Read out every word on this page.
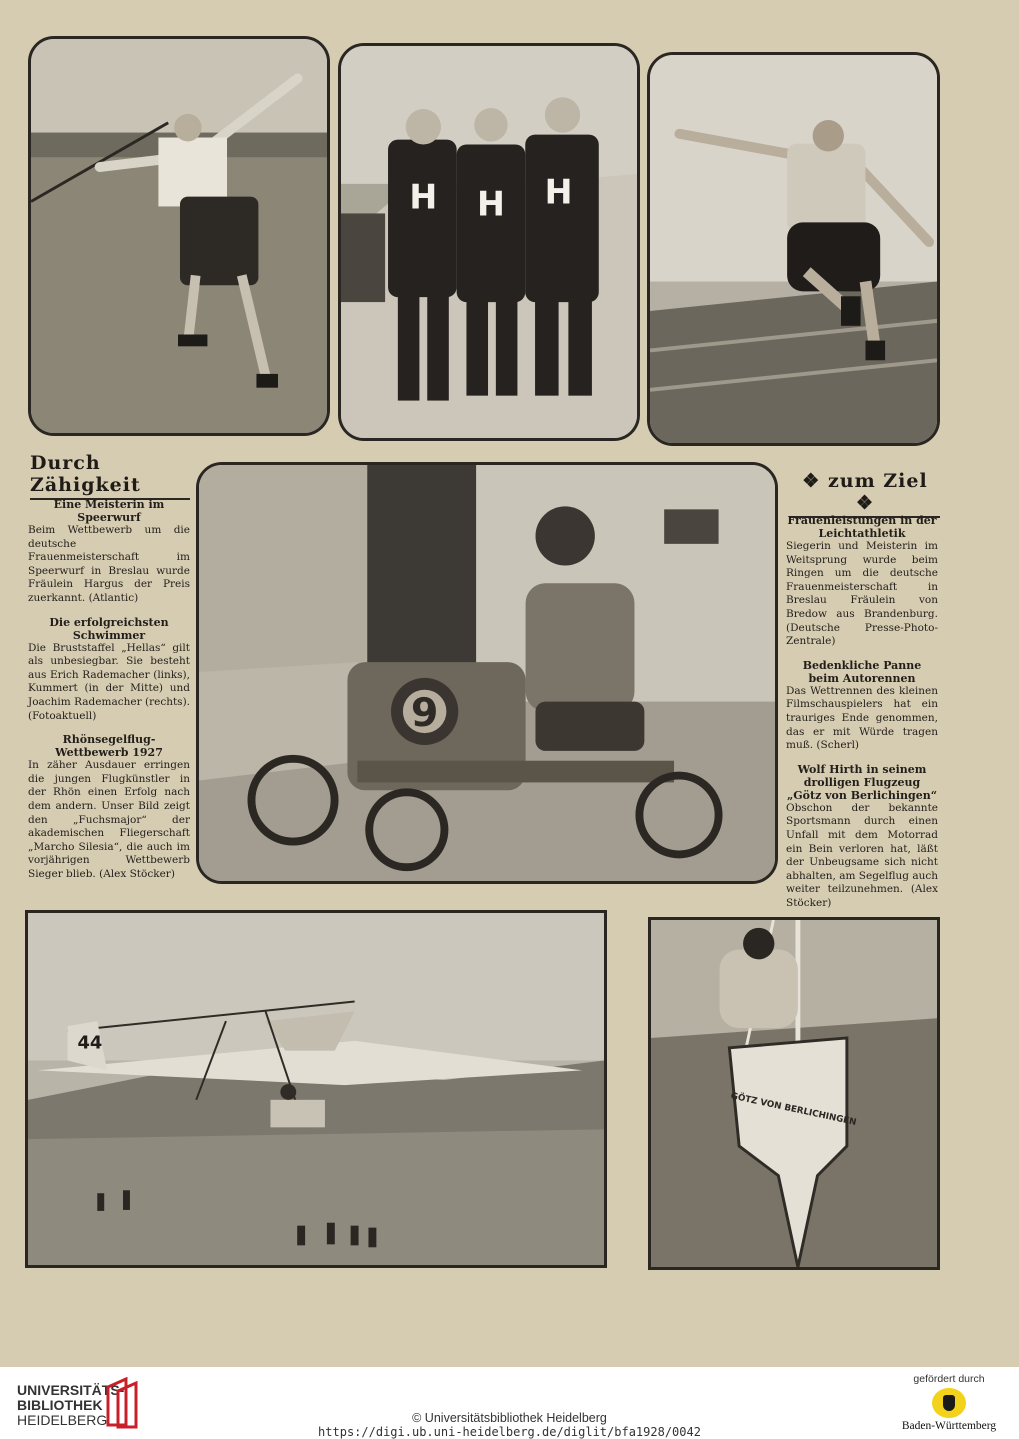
H H H
Durch Zähigkeit	❖ zum Ziel ❖
Eine Meisterin im Speerwurf

Beim Wettbewerb um die deutsche Frauenmeisterschaft im Speerwurf in Breslau wurde Fräulein Hargus der Preis zuerkannt. (Atlantic)

Die erfolgreichsten Schwimmer

Die Bruststaffel „Hellas“ gilt als unbesiegbar. Sie besteht aus Erich Rademacher (links), Kummert (in der Mitte) und Joachim Rademacher (rechts). (Fotoaktuell)

Rhönsegelflug-Wettbewerb 1927

In zäher Ausdauer erringen die jungen Flugkünstler in der Rhön einen Erfolg nach dem andern. Unser Bild zeigt den „Fuchsmajor“ der akademischen Fliegerschaft „Marcho Silesia“, die auch im vorjährigen Wettbewerb Sieger blieb. (Alex Stöcker)

9
Frauenleistungen in der Leichtathletik

Siegerin und Meisterin im Weitsprung wurde beim Ringen um die deutsche Frauenmeisterschaft in Breslau Fräulein von Bredow aus Brandenburg. (Deutsche Presse-Photo-Zentrale)

Bedenkliche Panne beim Autorennen

Das Wettrennen des kleinen Filmschauspielers hat ein trauriges Ende genommen, das er mit Würde tragen muß. (Scherl)

Wolf Hirth in seinem drolligen Flugzeug „Götz von Berlichingen“

Obschon der bekannte Sportsmann durch einen Unfall mit dem Motorrad ein Bein verloren hat, läßt der Unbeugsame sich nicht abhalten, am Segelflug auch weiter teilzunehmen. (Alex Stöcker)

44
GÖTZ VON BERLICHINGEN
UNIVERSITÄTS-
BIBLIOTHEK
HEIDELBERG	© Universitätsbibliothek Heidelberg
https://digi.ub.uni-heidelberg.de/diglit/bfa1928/0042
gefördert durch
Baden-Württemberg
